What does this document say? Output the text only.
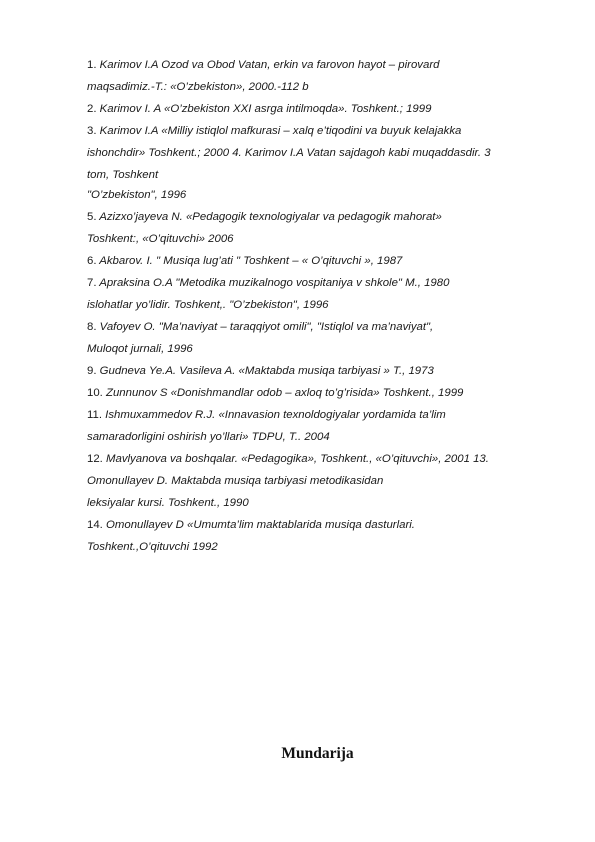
1. Karimov I.A Ozod va Obod Vatan, erkin va farovon hayot – pirovard
maqsadimiz.-T.: «O’zbekiston», 2000.-112 b
2. Karimov I. A «O’zbekiston XXI asrga intilmoqda». Toshkent.; 1999
3. Karimov I.A «Milliy istiqlol mafkurasi – xalq e’tiqodini va buyuk kelajakka
ishonchdir» Toshkent.; 2000 4. Karimov I.A Vatan sajdagoh kabi muqaddasdir. 3
tom, Toshkent
"O’zbekiston", 1996
5. Azizxo’jayeva N. «Pedagogik texnologiyalar va pedagogik mahorat»
Toshkent:, «O’qituvchi» 2006
6. Akbarov. I. " Musiqa lug’ati " Toshkent – « O’qituvchi », 1987
7. Apraksina O.A "Metodika muzikalnogo vospitaniya v shkole" M., 1980
islohatlar yo’lidir. Toshkent,. "O’zbekiston", 1996
8. Vafoyev O. "Ma’naviyat – taraqqiyot omili", "Istiqlol va ma’naviyat",
Muloqot jurnali, 1996
9. Gudneva Ye.A. Vasileva A. «Maktabda musiqa tarbiyasi » T., 1973
10. Zunnunov S «Donishmandlar odob – axloq to’g’risida» Toshkent., 1999
11. Ishmuxammedov R.J. «Innavasion texnoldogiyalar yordamida ta’lim
samaradorligini oshirish yo’llari» TDPU, T.. 2004
12. Mavlyanova va boshqalar. «Pedagogika», Toshkent., «O’qituvchi», 2001 13.
Omonullayev D. Maktabda musiqa tarbiyasi metodikasidan
leksiyalar kursi. Toshkent., 1990
14. Omonullayev D «Umumta’lim maktablarida musiqa dasturlari.
Toshkent.,O’qituvchi 1992
Mundarija
